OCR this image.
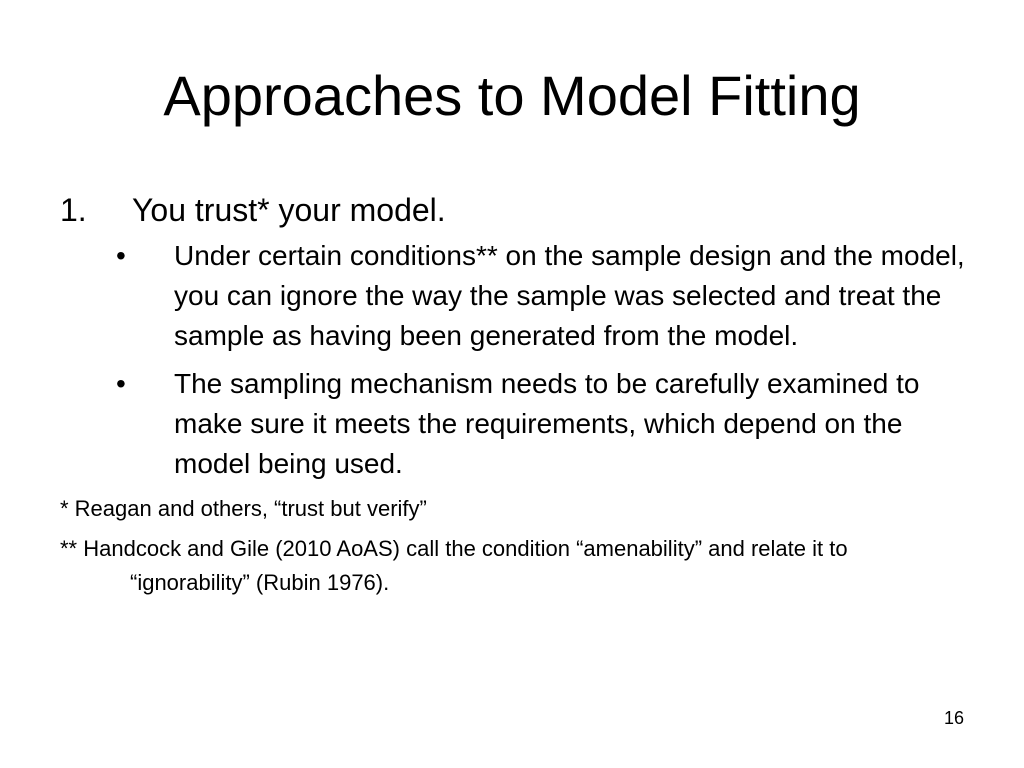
Approaches to Model Fitting
1. You trust* your model.
• Under certain conditions** on the sample design and the model, you can ignore the way the sample was selected and treat the sample as having been generated from the model.
• The sampling mechanism needs to be carefully examined to make sure it meets the requirements, which depend on the model being used.
* Reagan and others, “trust but verify”
** Handcock and Gile (2010 AoAS) call the condition “amenability” and relate it to “ignorability” (Rubin 1976).
16
